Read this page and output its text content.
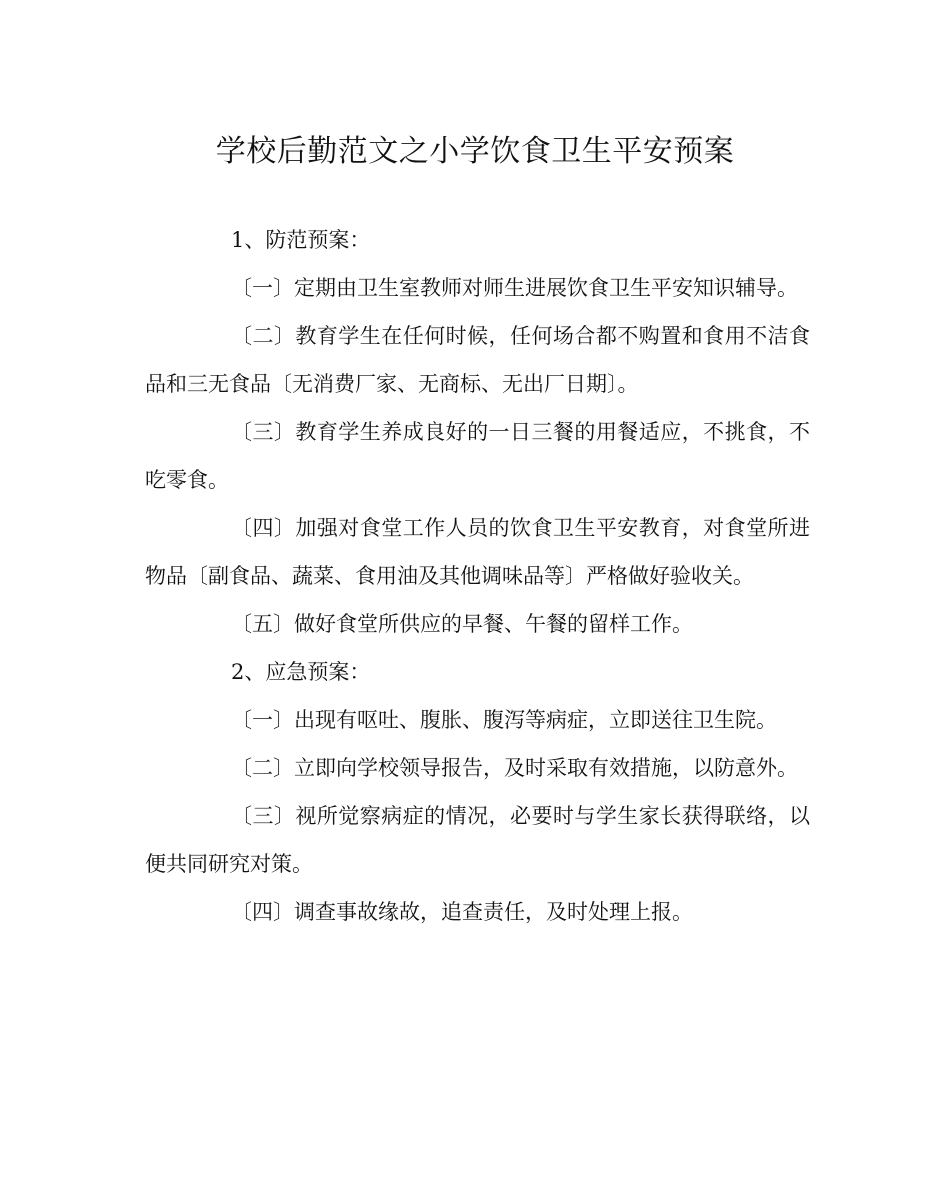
学校后勤范文之小学饮食卫生平安预案

1、防范预案：

〔一〕定期由卫生室教师对师生进展饮食卫生平安知识辅导。

〔二〕教育学生在任何时候，任何场合都不购置和食用不洁食品和三无食品〔无消费厂家、无商标、无出厂日期〕。

〔三〕教育学生养成良好的一日三餐的用餐适应，不挑食，不吃零食。

〔四〕加强对食堂工作人员的饮食卫生平安教育，对食堂所进物品〔副食品、蔬菜、食用油及其他调味品等〕严格做好验收关。

〔五〕做好食堂所供应的早餐、午餐的留样工作。

2、应急预案：

〔一〕出现有呕吐、腹胀、腹泻等病症，立即送往卫生院。

〔二〕立即向学校领导报告，及时采取有效措施，以防意外。

〔三〕视所觉察病症的情况，必要时与学生家长获得联络，以便共同研究对策。

〔四〕调查事故缘故，追查责任，及时处理上报。
